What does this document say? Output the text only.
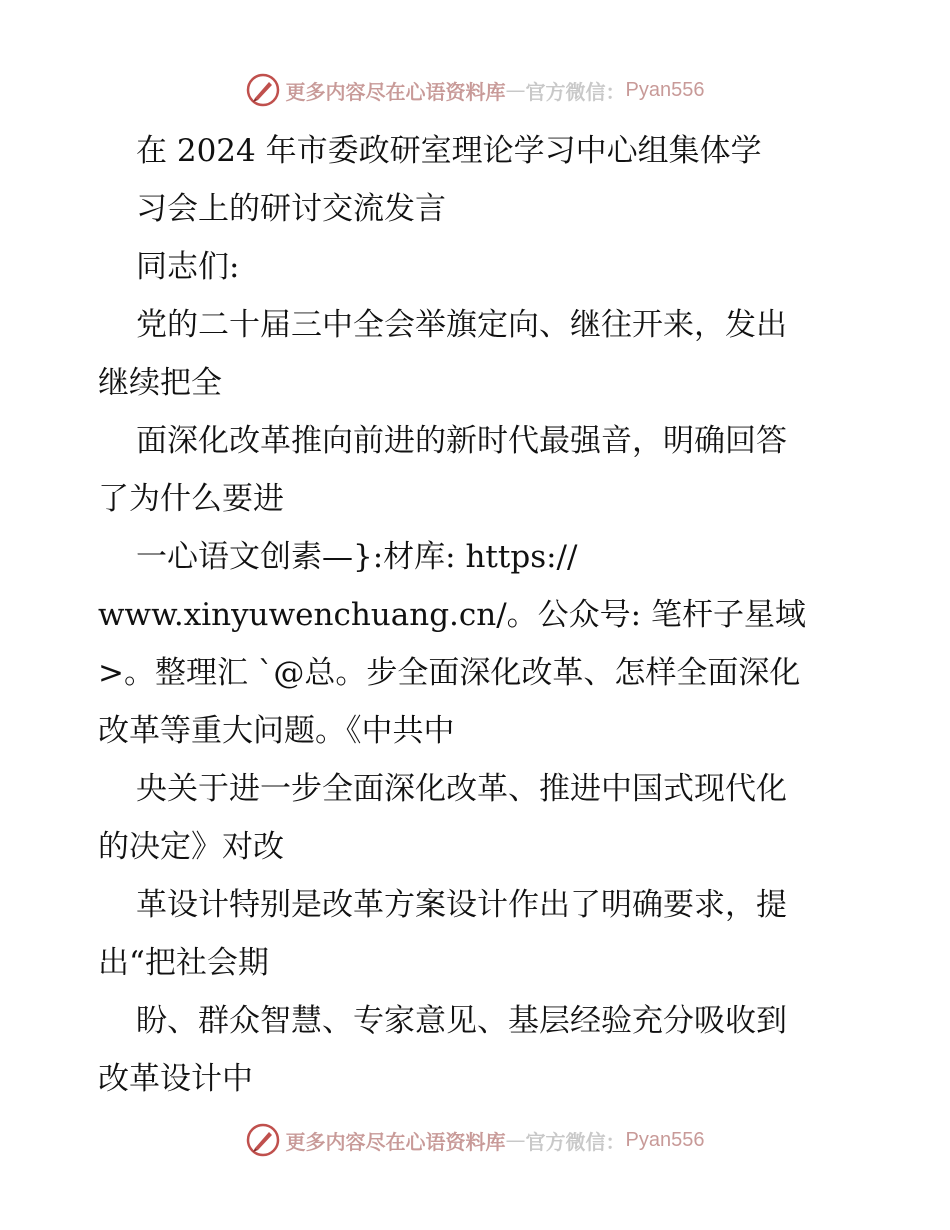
更多内容尽在心语资料库 — 官方微信： Pyan556
在 2024 年市委政研室理论学习中心组集体学
习会上的研讨交流发言
同志们:
党的二十届三中全会举旗定向、继往开来，发出
继续把全
面深化改革推向前进的新时代最强音，明确回答
了为什么要进
一心语文创素—}:材库: https://
www.xinyuwenchuang.cn/。公众号: 笔杆子星域
>。整理汇 `@总。步全面深化改革、怎样全面深化
改革等重大问题。《中共中
央关于进一步全面深化改革、推进中国式现代化
的决定》对改
革设计特别是改革方案设计作出了明确要求，提
出“把社会期
盼、群众智慧、专家意见、基层经验充分吸收到
改革设计中
更多内容尽在心语资料库 — 官方微信： Pyan556
